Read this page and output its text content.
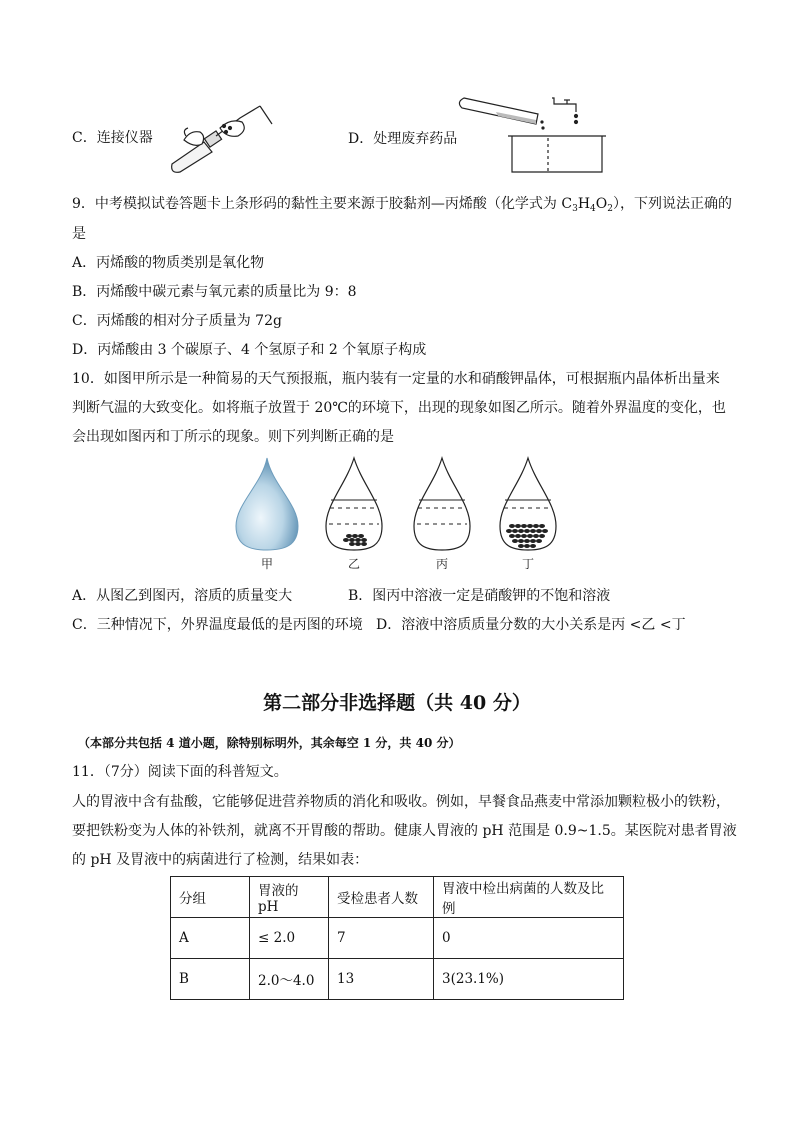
C．连接仪器	D．处理废弃药品
9．中考模拟试卷答题卡上条形码的黏性主要来源于胶黏剂—丙烯酸（化学式为 $C_3H_4O_2$），下列说法正确的
是
A．丙烯酸的物质类别是氧化物
B．丙烯酸中碳元素与氧元素的质量比为 9：8
C．丙烯酸的相对分子质量为 72g
D．丙烯酸由 3 个碳原子、4 个氢原子和 2 个氧原子构成
10．如图甲所示是一种简易的天气预报瓶，瓶内装有一定量的水和硝酸钾晶体，可根据瓶内晶体析出量来
判断气温的大致变化。如将瓶子放置于 20℃的环境下，出现的现象如图乙所示。随着外界温度的变化，也
会出现如图丙和丁所示的现象。则下列判断正确的是
甲	乙	丙	丁
A．从图乙到图丙，溶质的质量变大	B．图丙中溶液一定是硝酸钾的不饱和溶液
C．三种情况下，外界温度最低的是丙图的环境 D．溶液中溶质质量分数的大小关系是丙 <乙 <丁
第二部分非选择题（共 40 分）
（本部分共包括 4 道小题，除特别标明外，其余每空 1 分，共 40 分）
11．（7分）阅读下面的科普短文。
人的胃液中含有盐酸，它能够促进营养物质的消化和吸收。例如，早餐食品燕麦中常添加颗粒极小的铁粉，
要把铁粉变为人体的补铁剂，就离不开胃酸的帮助。健康人胃液的 pH 范围是 0.9~1.5。某医院对患者胃液
的 pH 及胃液中的病菌进行了检测，结果如表：
分组	胃液的 pH	受检患者人数	胃液中检出病菌的人数及比例
A	≤ 2.0	7	0
B	2.0～4.0	13	3(23.1%)
